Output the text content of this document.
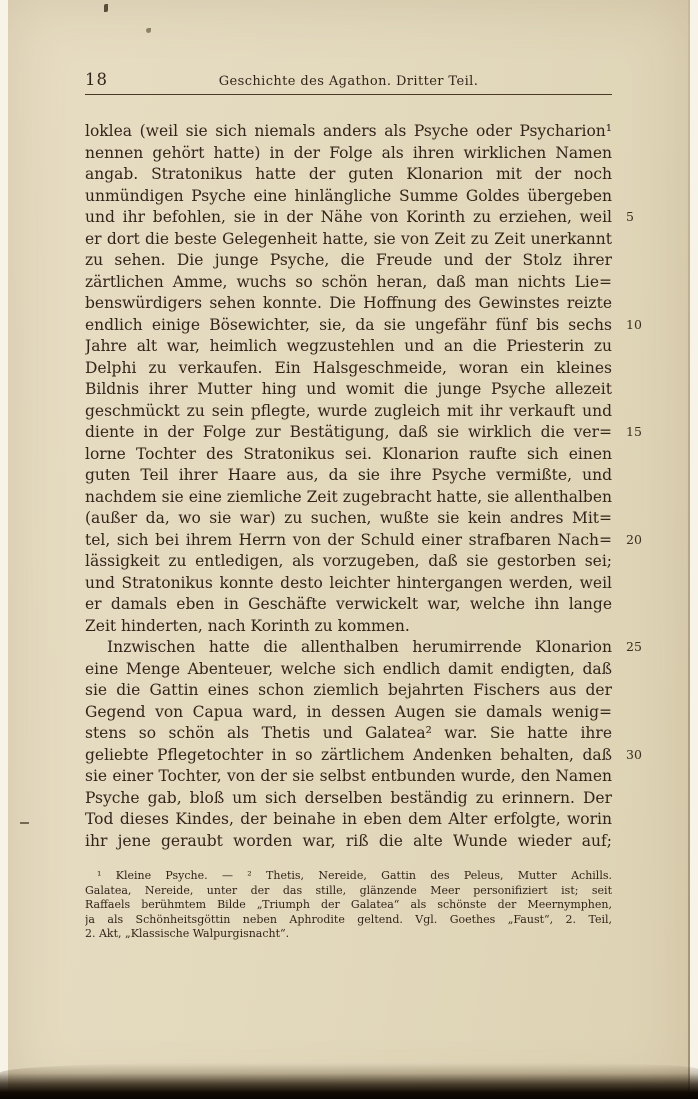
18	Geschichte des Agathon. Dritter Teil.
loklea (weil sie sich niemals anders als Psyche oder Psycharion¹
nennen gehört hatte) in der Folge als ihren wirklichen Namen
angab. Stratonikus hatte der guten Klonarion mit der noch
unmündigen Psyche eine hinlängliche Summe Goldes übergeben
und ihr befohlen, sie in der Nähe von Korinth zu erziehen, weil 5
er dort die beste Gelegenheit hatte, sie von Zeit zu Zeit unerkannt
zu sehen. Die junge Psyche, die Freude und der Stolz ihrer
zärtlichen Amme, wuchs so schön heran, daß man nichts Lie=
benswürdigers sehen konnte. Die Hoffnung des Gewinstes reizte
endlich einige Bösewichter, sie, da sie ungefähr fünf bis sechs 10
Jahre alt war, heimlich wegzustehlen und an die Priesterin zu
Delphi zu verkaufen. Ein Halsgeschmeide, woran ein kleines
Bildnis ihrer Mutter hing und womit die junge Psyche allezeit
geschmückt zu sein pflegte, wurde zugleich mit ihr verkauft und
diente in der Folge zur Bestätigung, daß sie wirklich die ver= 15
lorne Tochter des Stratonikus sei. Klonarion raufte sich einen
guten Teil ihrer Haare aus, da sie ihre Psyche vermißte, und
nachdem sie eine ziemliche Zeit zugebracht hatte, sie allenthalben
(außer da, wo sie war) zu suchen, wußte sie kein andres Mit=
tel, sich bei ihrem Herrn von der Schuld einer strafbaren Nach= 20
lässigkeit zu entledigen, als vorzugeben, daß sie gestorben sei;
und Stratonikus konnte desto leichter hintergangen werden, weil
er damals eben in Geschäfte verwickelt war, welche ihn lange
Zeit hinderten, nach Korinth zu kommen.
Inzwischen hatte die allenthalben herumirrende Klonarion 25
eine Menge Abenteuer, welche sich endlich damit endigten, daß
sie die Gattin eines schon ziemlich bejahrten Fischers aus der
Gegend von Capua ward, in dessen Augen sie damals wenig=
stens so schön als Thetis und Galatea² war. Sie hatte ihre
geliebte Pflegetochter in so zärtlichem Andenken behalten, daß 30
sie einer Tochter, von der sie selbst entbunden wurde, den Namen
Psyche gab, bloß um sich derselben beständig zu erinnern. Der
Tod dieses Kindes, der beinahe in eben dem Alter erfolgte, worin
ihr jene geraubt worden war, riß die alte Wunde wieder auf;
¹ Kleine Psyche. — ² Thetis, Nereide, Gattin des Peleus, Mutter Achills.
Galatea, Nereide, unter der das stille, glänzende Meer personifiziert ist; seit
Raffaels berühmtem Bilde „Triumph der Galatea“ als schönste der Meernymphen,
ja als Schönheitsgöttin neben Aphrodite geltend. Vgl. Goethes „Faust“, 2. Teil,
2. Akt, „Klassische Walpurgisnacht“.
